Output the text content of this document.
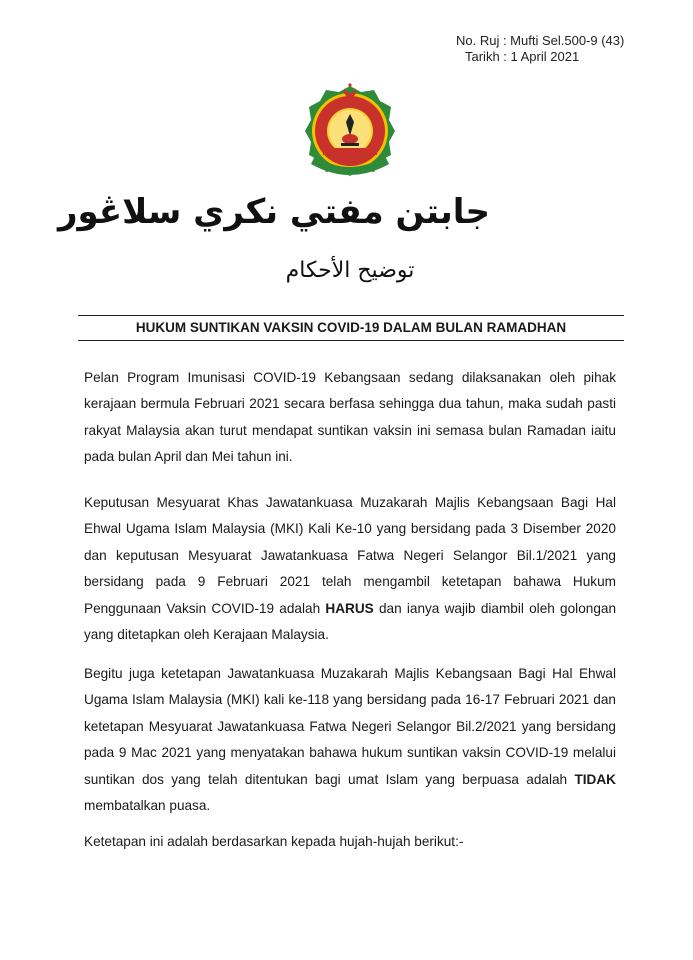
No. Ruj : Mufti Sel.500-9 (43)
Tarikh : 1 April 2021
جابتن مفتي نكري سلاڠور
توضيح الأحكام
HUKUM SUNTIKAN VAKSIN COVID-19 DALAM BULAN RAMADHAN
Pelan Program Imunisasi COVID-19 Kebangsaan sedang dilaksanakan oleh pihak kerajaan bermula Februari 2021 secara berfasa sehingga dua tahun, maka sudah pasti rakyat Malaysia akan turut mendapat suntikan vaksin ini semasa bulan Ramadan iaitu pada bulan April dan Mei tahun ini.
Keputusan Mesyuarat Khas Jawatankuasa Muzakarah Majlis Kebangsaan Bagi Hal Ehwal Ugama Islam Malaysia (MKI) Kali Ke-10 yang bersidang pada 3 Disember 2020 dan keputusan Mesyuarat Jawatankuasa Fatwa Negeri Selangor Bil.1/2021 yang bersidang pada 9 Februari 2021 telah mengambil ketetapan bahawa Hukum Penggunaan Vaksin COVID-19 adalah HARUS dan ianya wajib diambil oleh golongan yang ditetapkan oleh Kerajaan Malaysia.
Begitu juga ketetapan Jawatankuasa Muzakarah Majlis Kebangsaan Bagi Hal Ehwal Ugama Islam Malaysia (MKI) kali ke-118 yang bersidang pada 16-17 Februari 2021 dan ketetapan Mesyuarat Jawatankuasa Fatwa Negeri Selangor Bil.2/2021 yang bersidang pada 9 Mac 2021 yang menyatakan bahawa hukum suntikan vaksin COVID-19 melalui suntikan dos yang telah ditentukan bagi umat Islam yang berpuasa adalah TIDAK membatalkan puasa.
Ketetapan ini adalah berdasarkan kepada hujah-hujah berikut:-
